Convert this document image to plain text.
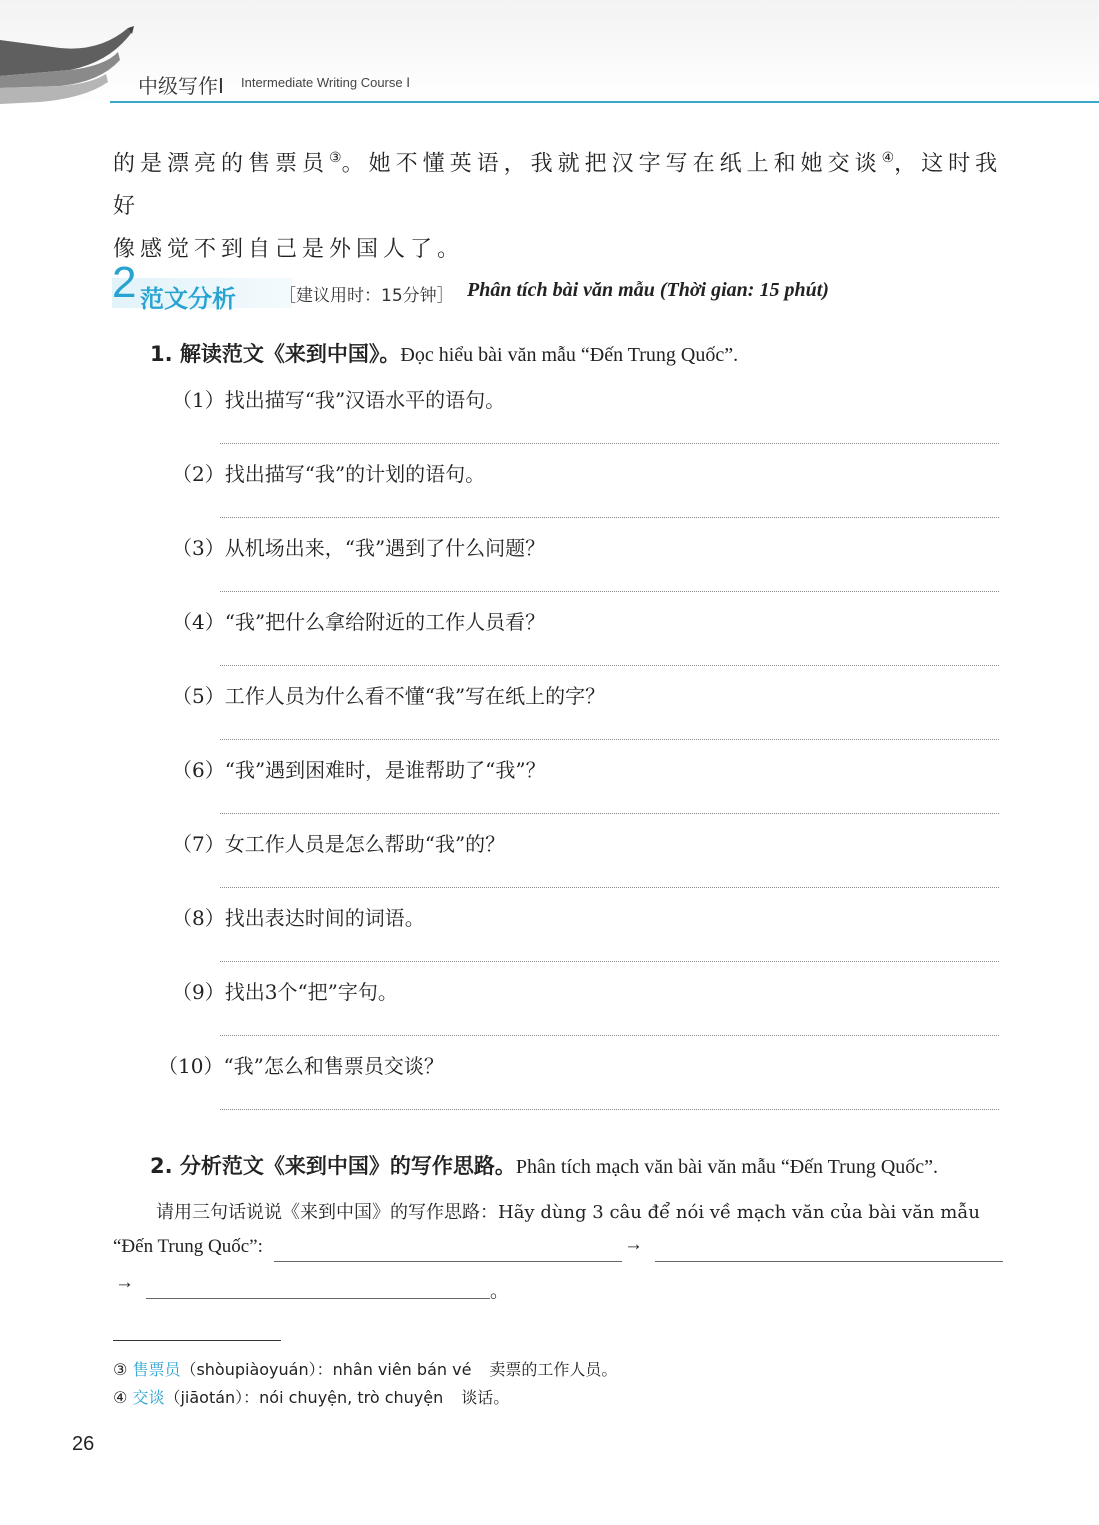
中级写作Ⅰ Intermediate Writing Course Ⅰ
的是漂亮的售票员③。她不懂英语，我就把汉字写在纸上和她交谈④，这时我好
像感觉不到自己是外国人了。
2 范文分析	［建议用时：15分钟］ Phân tích bài văn mẫu (Thời gian: 15 phút)
1. 解读范文《来到中国》。Đọc hiểu bài văn mẫu “Đến Trung Quốc”.
（1）找出描写“我”汉语水平的语句。
（2）找出描写“我”的计划的语句。
（3）从机场出来，“我”遇到了什么问题？
（4）“我”把什么拿给附近的工作人员看？
（5）工作人员为什么看不懂“我”写在纸上的字？
（6）“我”遇到困难时，是谁帮助了“我”？
（7）女工作人员是怎么帮助“我”的？
（8）找出表达时间的词语。
（9）找出3个“把”字句。
（10）“我”怎么和售票员交谈？
2. 分析范文《来到中国》的写作思路。Phân tích mạch văn bài văn mẫu “Đến Trung Quốc”.
请用三句话说说《来到中国》的写作思路：Hãy dùng 3 câu để nói về mạch văn của bài văn mẫu
“Đến Trung Quốc”:	→
→	。
③ 售票员（shòupiàoyuán）：nhân viên bán vé 卖票的工作人员。
④ 交谈（jiāotán）：nói chuyện, trò chuyện 谈话。
26
